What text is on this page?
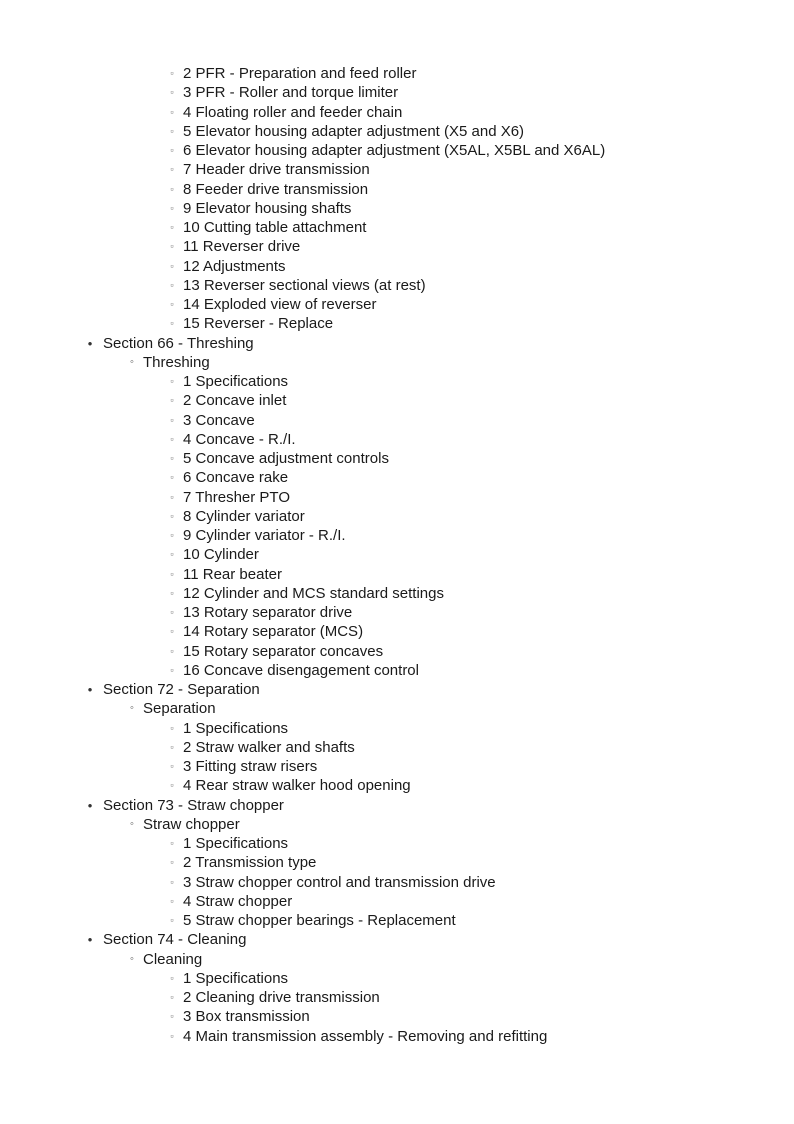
▫ 2 PFR - Preparation and feed roller
▫ 3 PFR - Roller and torque limiter
▫ 4 Floating roller and feeder chain
▫ 5 Elevator housing adapter adjustment (X5 and X6)
▫ 6 Elevator housing adapter adjustment (X5AL, X5BL and X6AL)
▫ 7 Header drive transmission
▫ 8 Feeder drive transmission
▫ 9 Elevator housing shafts
▫ 10 Cutting table attachment
▫ 11 Reverser drive
▫ 12 Adjustments
▫ 13 Reverser sectional views (at rest)
▫ 14 Exploded view of reverser
▫ 15 Reverser - Replace
• Section 66 - Threshing
◦ Threshing
▫ 1 Specifications
▫ 2 Concave inlet
▫ 3 Concave
▫ 4 Concave - R./I.
▫ 5 Concave adjustment controls
▫ 6 Concave rake
▫ 7 Thresher PTO
▫ 8 Cylinder variator
▫ 9 Cylinder variator - R./I.
▫ 10 Cylinder
▫ 11 Rear beater
▫ 12 Cylinder and MCS standard settings
▫ 13 Rotary separator drive
▫ 14 Rotary separator (MCS)
▫ 15 Rotary separator concaves
▫ 16 Concave disengagement control
• Section 72 - Separation
◦ Separation
▫ 1 Specifications
▫ 2 Straw walker and shafts
▫ 3 Fitting straw risers
▫ 4 Rear straw walker hood opening
• Section 73 - Straw chopper
◦ Straw chopper
▫ 1 Specifications
▫ 2 Transmission type
▫ 3 Straw chopper control and transmission drive
▫ 4 Straw chopper
▫ 5 Straw chopper bearings - Replacement
• Section 74 - Cleaning
◦ Cleaning
▫ 1 Specifications
▫ 2 Cleaning drive transmission
▫ 3 Box transmission
▫ 4 Main transmission assembly - Removing and refitting
